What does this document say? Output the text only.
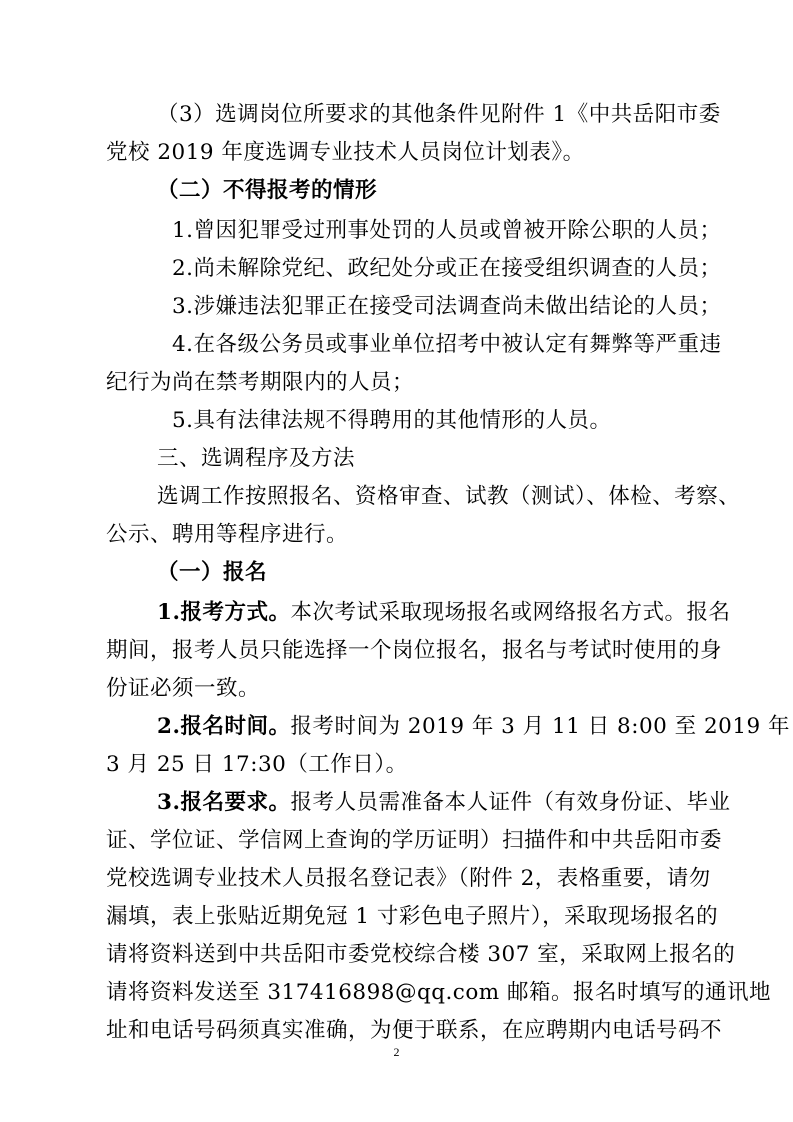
（3）选调岗位所要求的其他条件见附件 1《中共岳阳市委
党校 2019 年度选调专业技术人员岗位计划表》。
（二）不得报考的情形
1.曾因犯罪受过刑事处罚的人员或曾被开除公职的人员；
2.尚未解除党纪、政纪处分或正在接受组织调查的人员；
3.涉嫌违法犯罪正在接受司法调查尚未做出结论的人员；
4.在各级公务员或事业单位招考中被认定有舞弊等严重违
纪行为尚在禁考期限内的人员；
5.具有法律法规不得聘用的其他情形的人员。
三、选调程序及方法
选调工作按照报名、资格审查、试教（测试）、体检、考察、
公示、聘用等程序进行。
（一）报名
1.报考方式。本次考试采取现场报名或网络报名方式。报名
期间，报考人员只能选择一个岗位报名，报名与考试时使用的身
份证必须一致。
2.报名时间。报考时间为 2019 年 3 月 11 日 8:00 至 2019 年
3 月 25 日 17:30（工作日）。
3.报名要求。报考人员需准备本人证件（有效身份证、毕业
证、学位证、学信网上查询的学历证明）扫描件和中共岳阳市委
党校选调专业技术人员报名登记表》（附件 2，表格重要，请勿
漏填，表上张贴近期免冠 1 寸彩色电子照片），采取现场报名的
请将资料送到中共岳阳市委党校综合楼 307 室，采取网上报名的
请将资料发送至 317416898@qq.com 邮箱。报名时填写的通讯地
址和电话号码须真实准确，为便于联系，在应聘期内电话号码不
2
